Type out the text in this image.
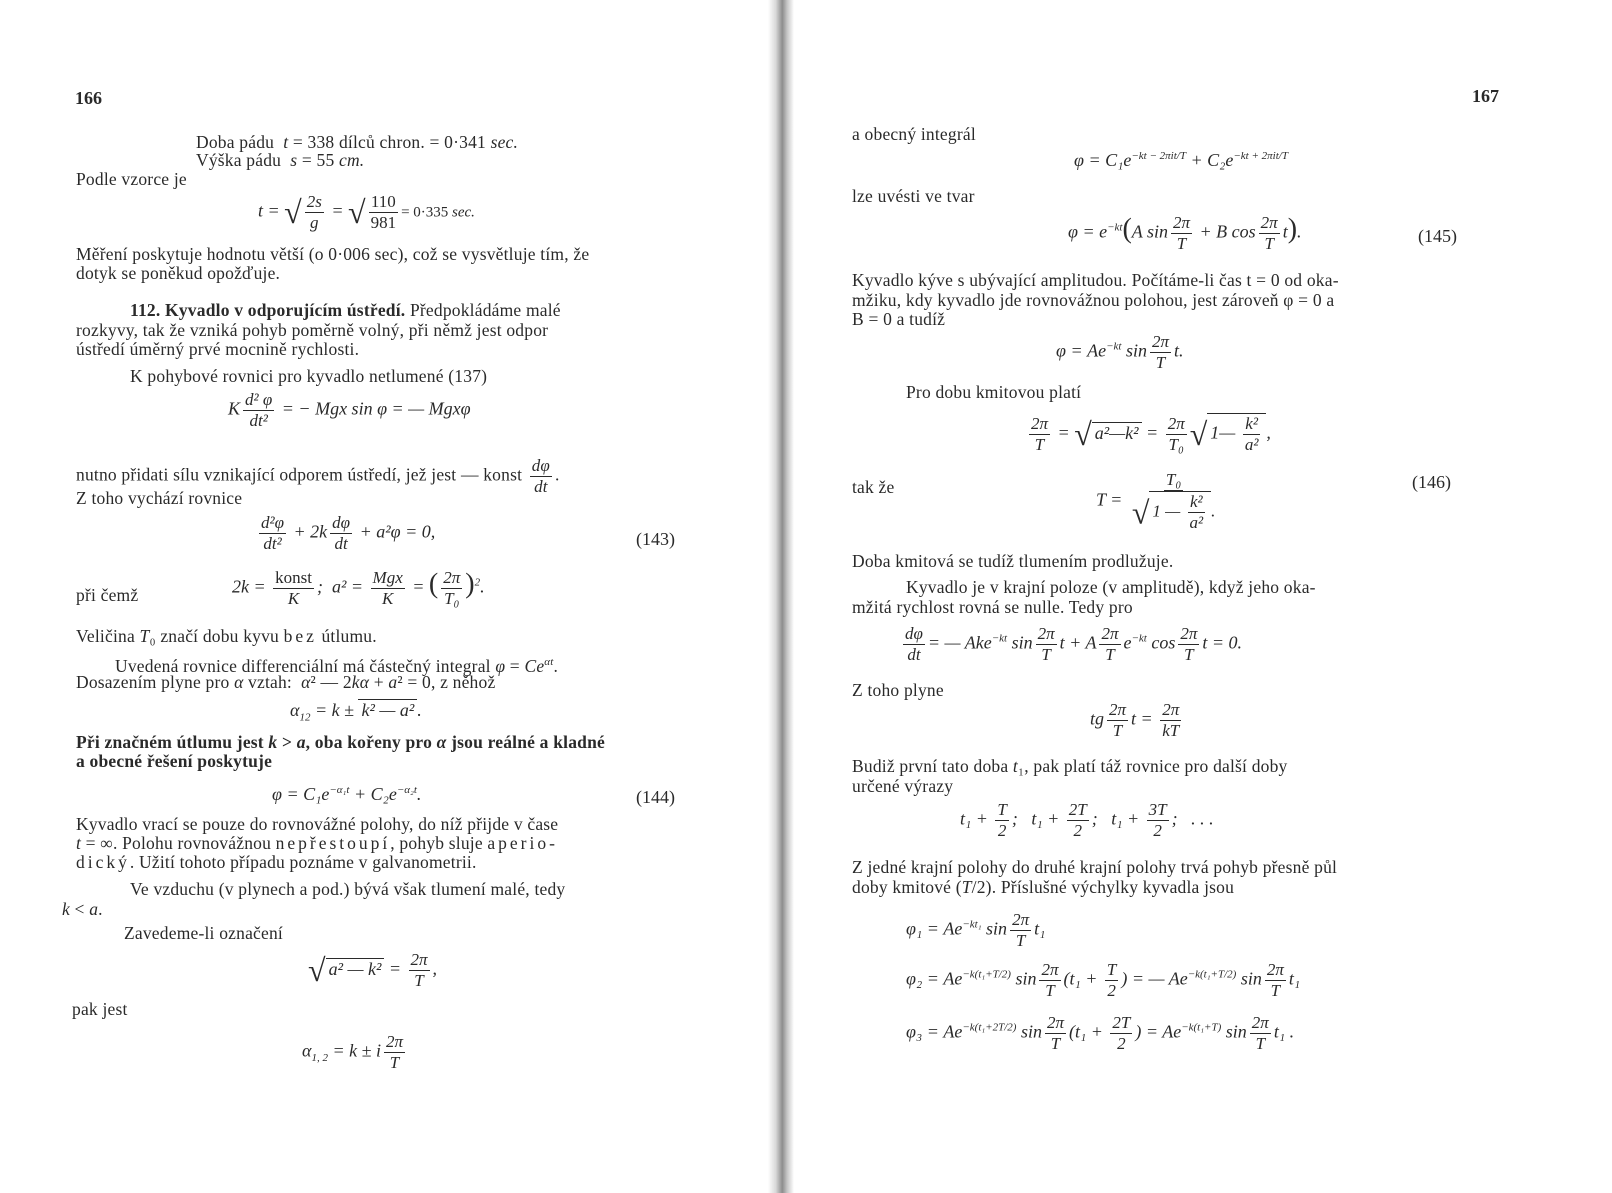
166
Doba pádu  t = 338 dílců chron. = 0·341 sec.
Výška pádu  s = 55 cm.
Podle vzorce je
t = √ $\frac{2s}{g}$ = √ $\frac{110}{981} = 0\cdot 335$ sec.
Měření poskytuje hodnotu větší (o 0·006 sec), což se vysvětluje tím, že
dotyk se poněkud opožďuje.
112. Kyvadlo v odporujícím ústředí. Předpokládáme malé
rozkyvy, tak že vzniká pohyb poměrně volný, při němž jest odpor
ústředí úměrný prvé mocnině rychlosti.
K pohybové rovnici pro kyvadlo netlumené (137)
K $\frac{\text{d² φ}}{\text{dt²}}$ = − Mgx sin φ = — Mgxφ
nutno přidati sílu vznikající odporem ústředí, jež jest — konst $\frac{d\varphi}{dt}$ .
Z toho vychází rovnice
$\frac{\text{d²φ}}{\text{dt²}} + 2k \frac{d\varphi}{dt} + a^2\varphi = 0$,	(143)
při čemž	$2k = \frac{\text{konst}}{K}$ ;  $a^2 = \frac{\text{Mgx}}{K}$ = ( $\frac{2\pi}{\text{T₀}} )^2$.
Veličina T₀ značí dobu kyvu bez útlumu.
Uvedená rovnice differenciální má částečný integral $\varphi = Ce^{\alpha t}$.
Dosazením plyne pro α vztah:  α² — 2kα + a² = 0, z něhož
$\alpha_{12} = k \pm k^2$ — a² .
Při značném útlumu jest k > a, oba kořeny pro α jsou reálné a kladné
a obecné řešení poskytuje
$\varphi = C_1e^{-\alpha_1t} + C_2e^{-\alpha_2t}$.	(144)
Kyvadlo vrací se pouze do rovnovážné polohy, do níž přijde v čase
t = ∞. Polohu rovnovážnou nepřestoupí, pohyb sluje aperio-
dický. Užití tohoto případu poznáme v galvanometrii.
Ve vzduchu (v plynech a pod.) bývá však tlumení malé, tedy
k < a.
Zavedeme-li označení
√ a² — $k^2 = \frac{2\pi}{T}$ ,
pak jest
$\alpha_{1, 2} = k \pm i \frac{2\pi}{T}$
167
a obecný integrál
$\varphi = C_1e^{-kt - 2\pi it/T} + C_2e^{-kt + 2\pi it/T}$
lze uvésti ve tvar
$\varphi = e^{-kt}(A$ $\sin \frac{2\pi}{T} + B$ $\cos \frac{2\pi}{T} t$).	(145)
Kyvadlo kýve s ubývající amplitudou. Počítáme-li čas t = 0 od oka-
mžiku, kdy kyvadlo jde rovnovážnou polohou, jest zároveň φ = 0 a
B = 0 a tudíž
$\varphi = Ae^{-kt}$ $\sin \frac{2\pi}{T} t$.
Pro dobu kmitovou platí
$\frac{2\pi}{T}$ = √ a²—k² = $\frac{2\pi}{\text{T₀}}$ √ 1— $\frac{\text{k²}}{\text{a²}}$ ,
tak že
$T = \frac{\text{T₀}}{√ 1 — \frac{\text{k²}}{\text{a²}} .}$	(146)
Doba kmitová se tudíž tlumením prodlužuje.
Kyvadlo je v krajní poloze (v amplitudě), když jeho oka-
mžitá rychlost rovná se nulle. Tedy pro
$\frac{d\varphi}{dt}$ = — Ake$^{-kt}$ $\sin \frac{2\pi}{T}$ t + A $\frac{2\pi}{T} e^{-kt}$ $\cos \frac{2\pi}{T}$ t = 0.
Z toho plyne
tg $\frac{2\pi}{T}$ $t = \frac{2\pi}{kT}$
Budiž první tato doba t₁, pak platí táž rovnice pro další doby
určené výrazy
$t_1 + \frac{T}{2}$ ;   $t_1 + \frac{2T}{2}$ ;   $t_1 + \frac{3T}{2}$ ;   . . .
Z jedné krajní polohy do druhé krajní polohy trvá pohyb přesně půl
doby kmitové (T/2). Příslušné výchylky kyvadla jsou
$\varphi_1 = Ae^{-kt_1}$ $\sin \frac{2\pi}{T} t_1$
$\varphi_2 = Ae^{-k(t_1+T/2)}$ $\sin \frac{2\pi}{T} (t_1 + \frac{T}{2}$ ) = — $Ae^{-k(t_1+T/2)}$ $\sin \frac{2\pi}{T} t_1$
$\varphi_3 = Ae^{-k(t_1+2T/2)}$ $\sin \frac{2\pi}{T} (t_1 + \frac{2T}{2}$ ) = $Ae^{-k(t_1+T)}$ $\sin \frac{2\pi}{T} t_1$ .
